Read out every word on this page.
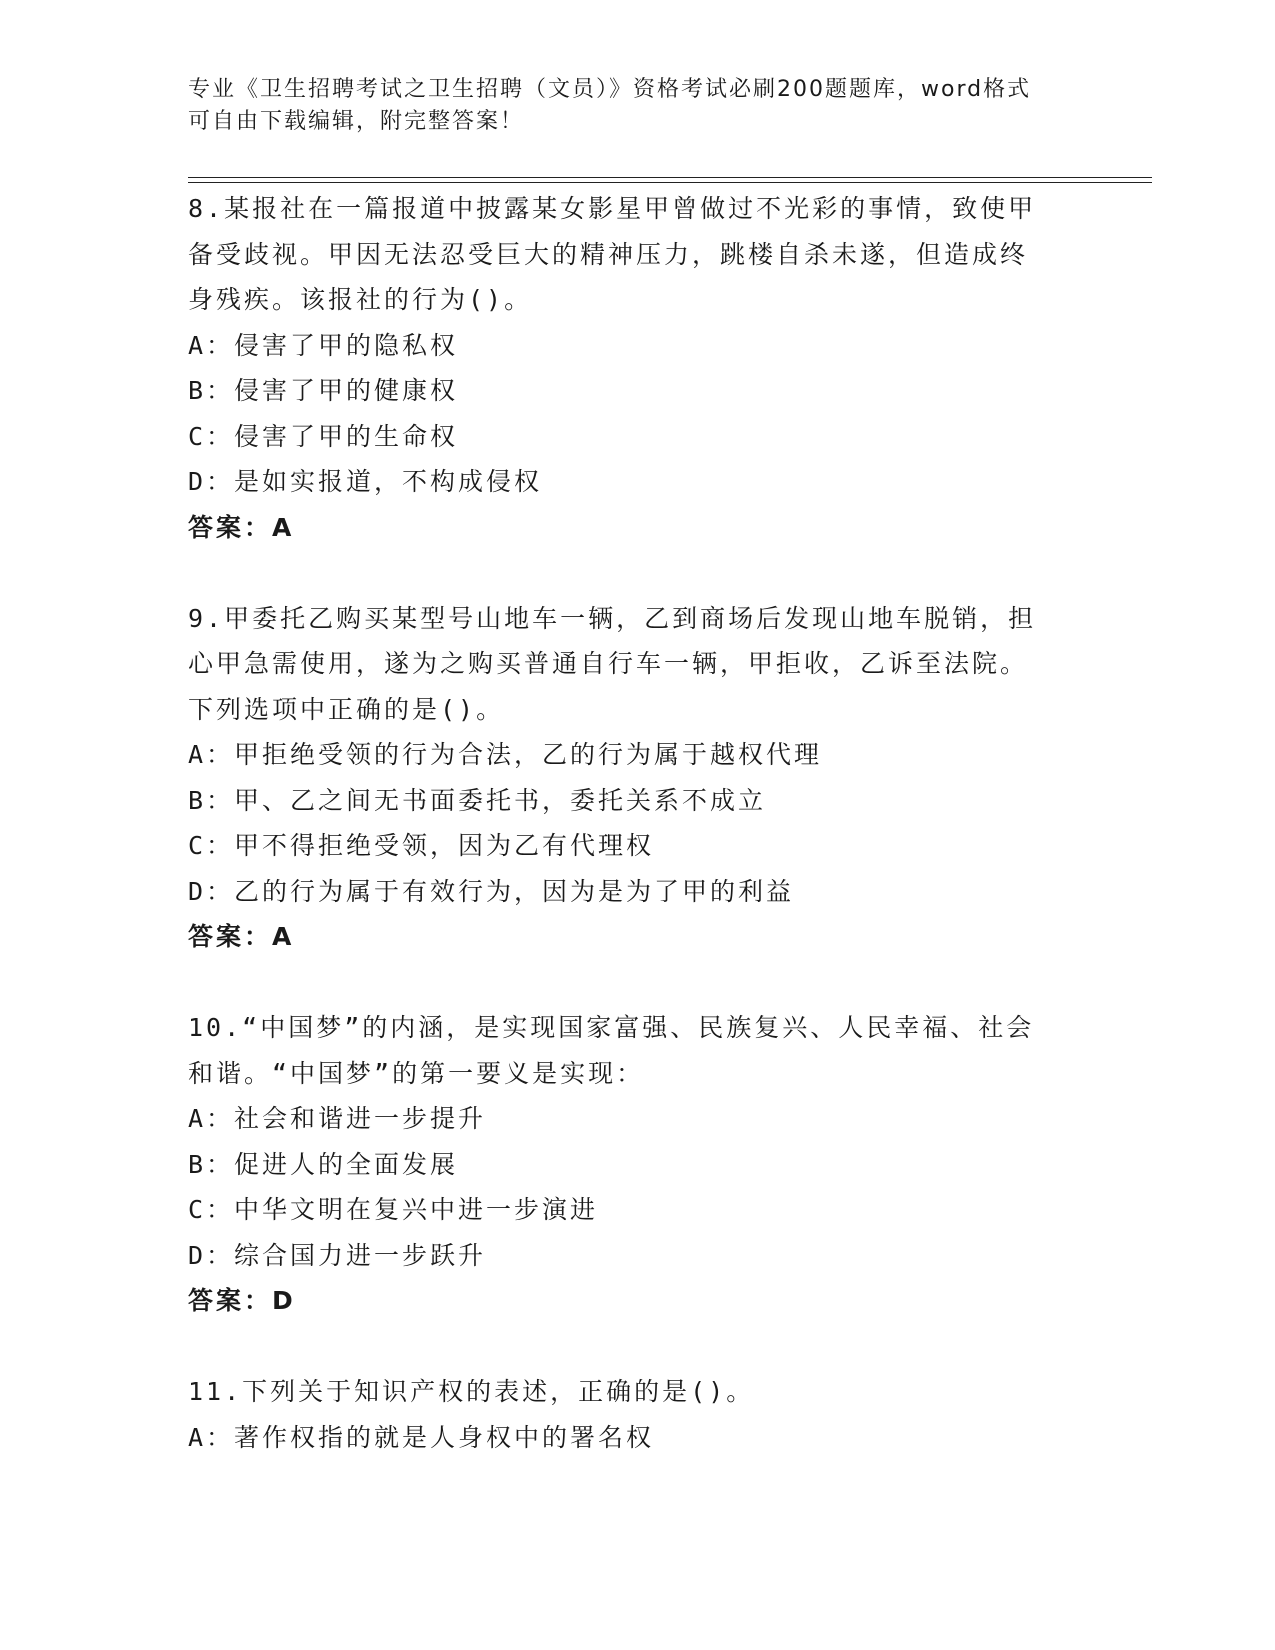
专业《卫生招聘考试之卫生招聘（文员）》资格考试必刷200题题库，word格式
可自由下载编辑，附完整答案！
8.某报社在一篇报道中披露某女影星甲曾做过不光彩的事情，致使甲
备受歧视。甲因无法忍受巨大的精神压力，跳楼自杀未遂，但造成终
身残疾。该报社的行为()。
A：侵害了甲的隐私权
B：侵害了甲的健康权
C：侵害了甲的生命权
D：是如实报道，不构成侵权
答案：A
9.甲委托乙购买某型号山地车一辆，乙到商场后发现山地车脱销，担
心甲急需使用，遂为之购买普通自行车一辆，甲拒收，乙诉至法院。
下列选项中正确的是()。
A：甲拒绝受领的行为合法，乙的行为属于越权代理
B：甲、乙之间无书面委托书，委托关系不成立
C：甲不得拒绝受领，因为乙有代理权
D：乙的行为属于有效行为，因为是为了甲的利益
答案：A
10.“中国梦”的内涵，是实现国家富强、民族复兴、人民幸福、社会
和谐。“中国梦”的第一要义是实现：
A：社会和谐进一步提升
B：促进人的全面发展
C：中华文明在复兴中进一步演进
D：综合国力进一步跃升
答案：D
11.下列关于知识产权的表述，正确的是()。
A：著作权指的就是人身权中的署名权
